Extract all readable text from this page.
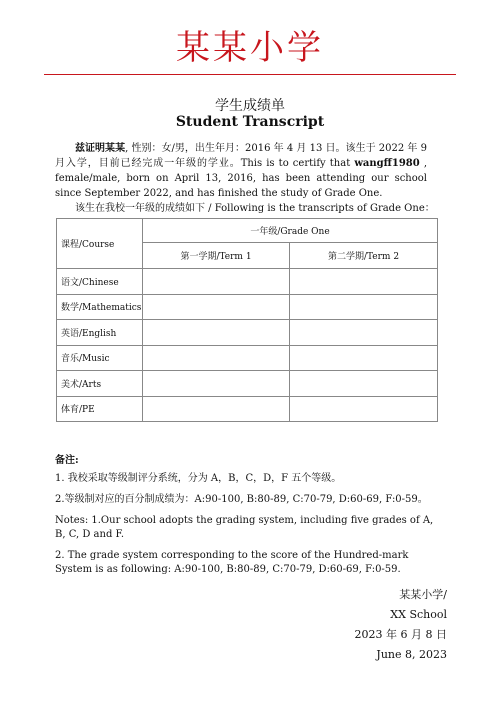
某某小学
学生成绩单
Student Transcript
兹证明某某, 性别：女/男，出生年月：2016 年 4 月 13 日。该生于 2022 年 9 月入学，目前已经完成一年级的学业。This is to certify that wangff1980 , female/male, born on April 13, 2016, has been attending our school since September 2022, and has finished the study of Grade One.
该生在我校一年级的成绩如下 / Following is the transcripts of Grade One：
课程/Course	一年级/Grade One	
	第一学期/Term 1	第二学期/Term 2
语文/Chinese		
数学/Mathematics		
英语/English		
音乐/Music		
美术/Arts		
体育/PE		
备注:

1. 我校采取等级制评分系统，分为 A，B，C，D，F 五个等级。

2.等级制对应的百分制成绩为：A:90-100, B:80-89, C:70-79, D:60-69, F:0-59。

Notes: 1.Our school adopts the grading system, including five grades of A, B, C, D and F.

2. The grade system corresponding to the score of the Hundred-mark System is as following: A:90-100, B:80-89, C:70-79, D:60-69, F:0-59.

某某小学/
XX School
2023 年 6 月 8 日
June 8, 2023
